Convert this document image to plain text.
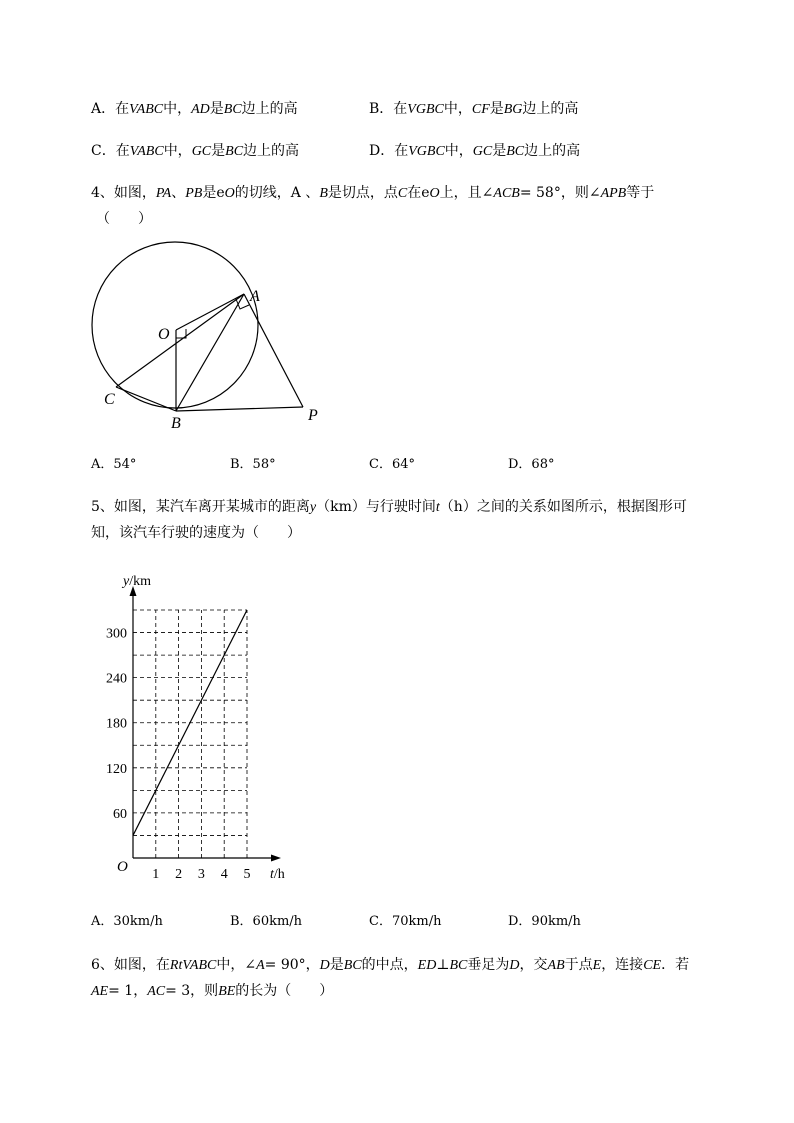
A．在VABC中，AD是BC边上的高	B．在VGBC中，CF是BG边上的高
C．在VABC中，GC是BC边上的高	D．在VGBC中，GC是BC边上的高
4、如图，PA、PB是eO的切线，A 、B是切点，点C在eO上，且∠ACB= 58°，则∠APB等于
（　　）
A
O
C
B	P
A．54°	B．58°	C．64°	D．68°
5、如图，某汽车离开某城市的距离y（km）与行驶时间t（h）之间的关系如图所示，根据图形可
知，该汽车行驶的速度为（　　）
y/km
t/h
O 1 2 3 4 5
60
120
180
240
300
A．30km/h	B．60km/h	C．70km/h	D．90km/h
6、如图，在RtVABC中，∠A= 90°，D是BC的中点，ED⊥BC垂足为D，交AB于点E，连接CE．若
AE= 1，AC= 3，则BE的长为（　　）
